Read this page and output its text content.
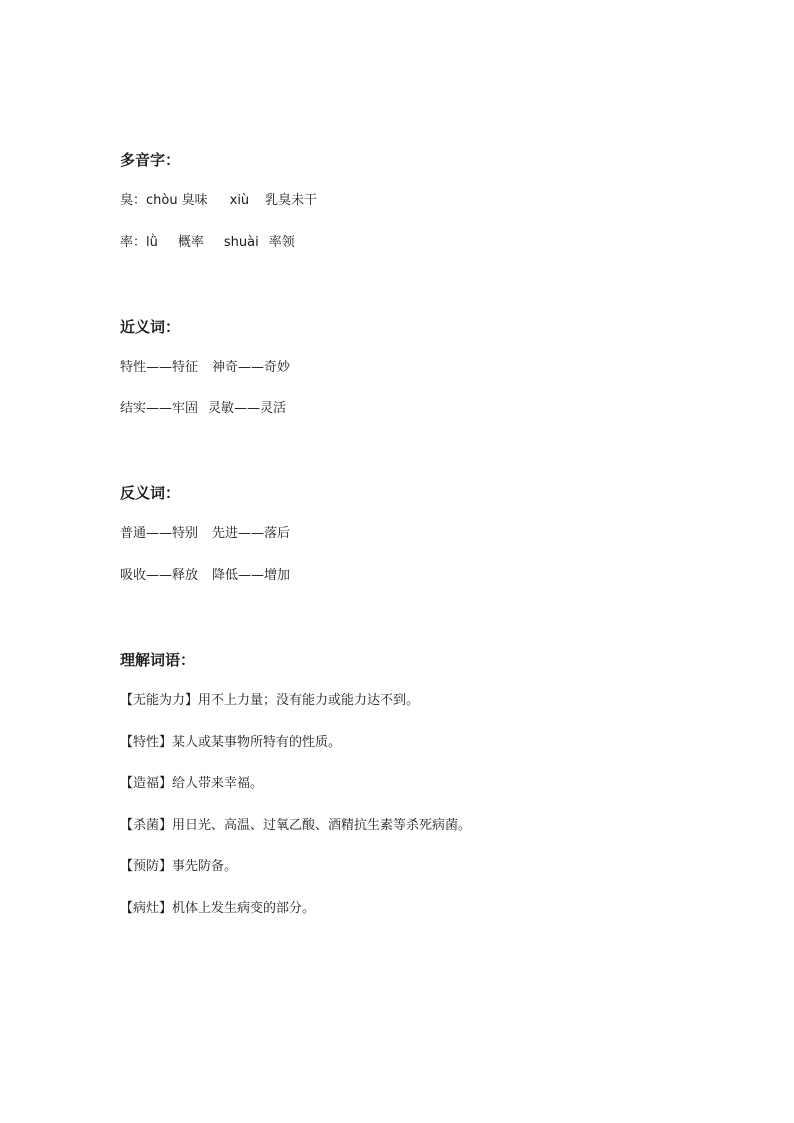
多音字：
臭：chòu 臭味 xiù 乳臭未干
率：lǜ 概率 shuài 率领
近义词：
特性——特征 神奇——奇妙
结实——牢固 灵敏——灵活
反义词：
普通——特别 先进——落后
吸收——释放 降低——增加
理解词语：
【无能为力】用不上力量；没有能力或能力达不到。
【特性】某人或某事物所特有的性质。
【造福】给人带来幸福。
【杀菌】用日光、高温、过氧乙酸、酒精抗生素等杀死病菌。
【预防】事先防备。
【病灶】机体上发生病变的部分。
